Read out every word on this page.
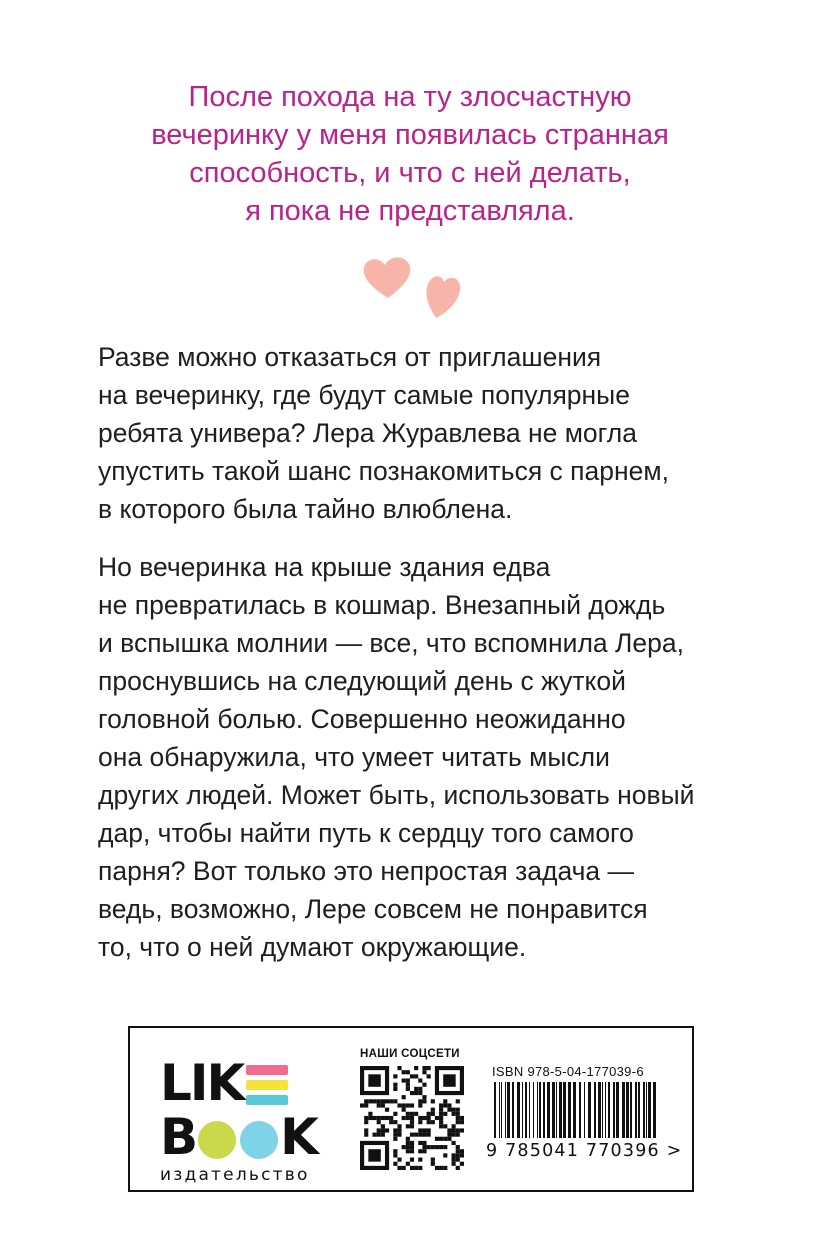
После похода на ту злосчастную
вечеринку у меня появилась странная
способность, и что с ней делать,
я пока не представляла.
Разве можно отказаться от приглашения
на вечеринку, где будут самые популярные
ребята универа? Лера Журавлева не могла
упустить такой шанс познакомиться с парнем,
в которого была тайно влюблена.
Но вечеринка на крыше здания едва
не превратилась в кошмар. Внезапный дождь
и вспышка молнии — все, что вспомнила Лера,
проснувшись на следующий день с жуткой
головной болью. Совершенно неожиданно
она обнаружила, что умеет читать мысли
других людей. Может быть, использовать новый
дар, чтобы найти путь к сердцу того самого
парня? Вот только это непростая задача —
ведь, возможно, Лере совсем не понравится
то, что о ней думают окружающие.
LIK
B K
издательство
НАШИ СОЦСЕТИ
ISBN 978-5-04-177039-6
9 785041 770396 >
